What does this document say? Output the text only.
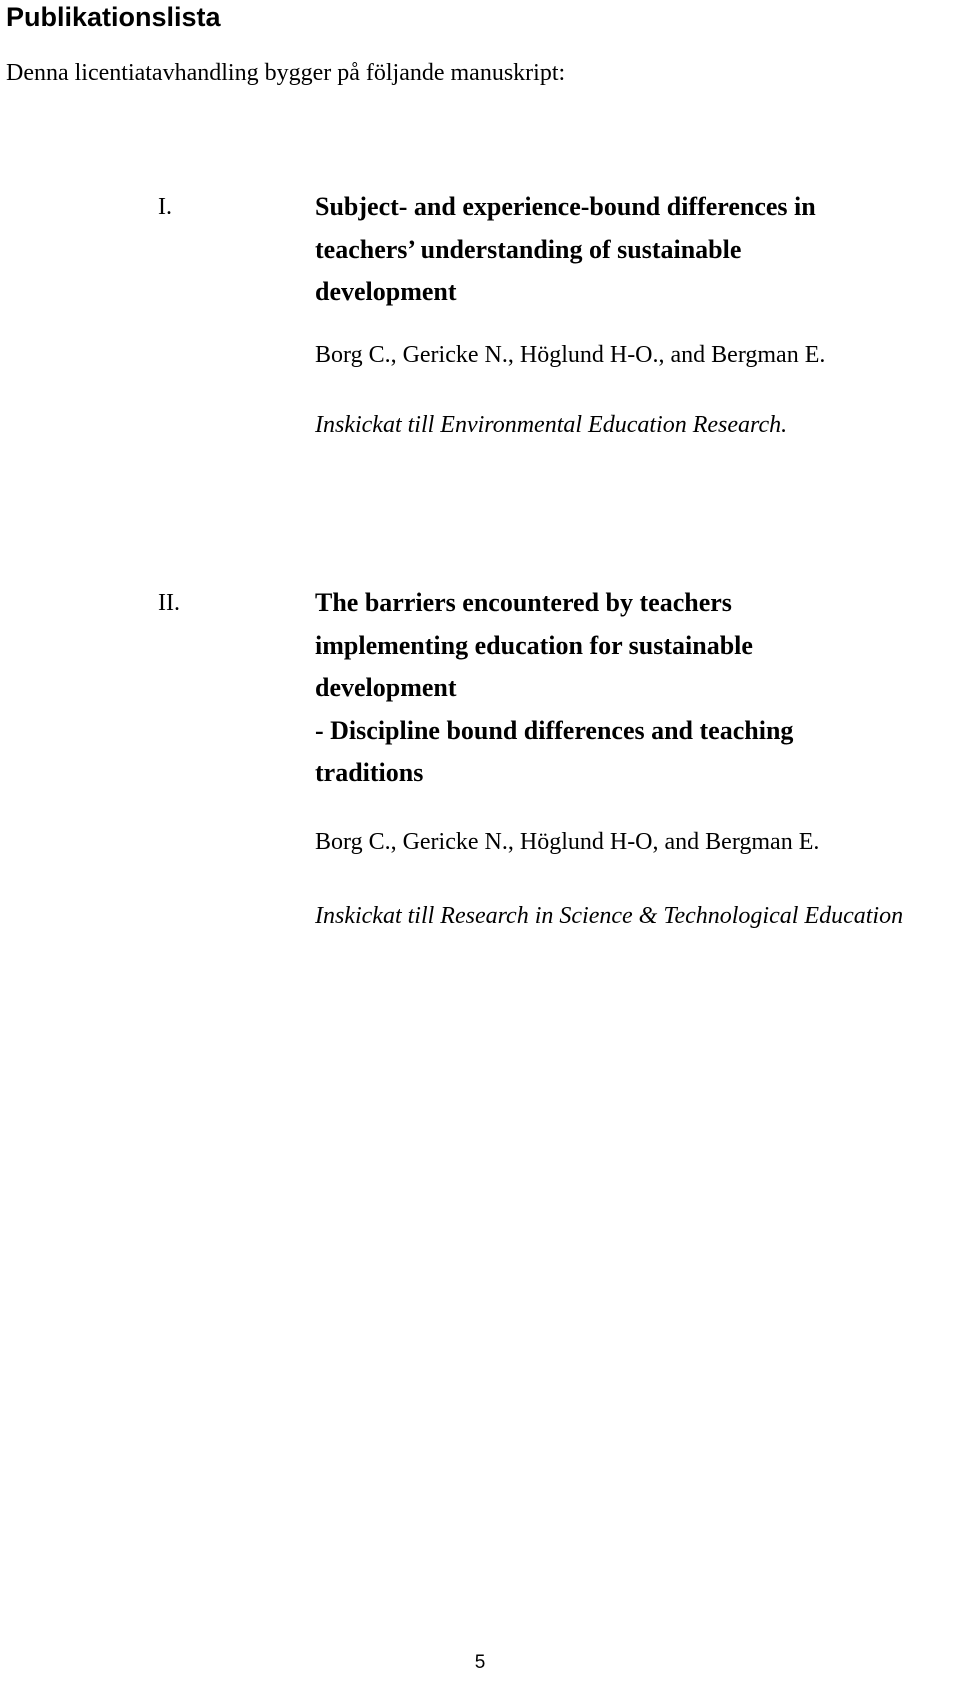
Publikationslista

Denna licentiatavhandling bygger på följande manuskript:

I.	Subject- and experience-bound differences in
teachers’ understanding of sustainable
development

Borg C., Gericke N., Höglund H-O., and Bergman E.

Inskickat till Environmental Education Research.

II.	The barriers encountered by teachers
implementing education for sustainable
development
- Discipline bound differences and teaching
traditions

Borg C., Gericke N., Höglund H-O, and Bergman E.

Inskickat till Research in Science & Technological Education

5
